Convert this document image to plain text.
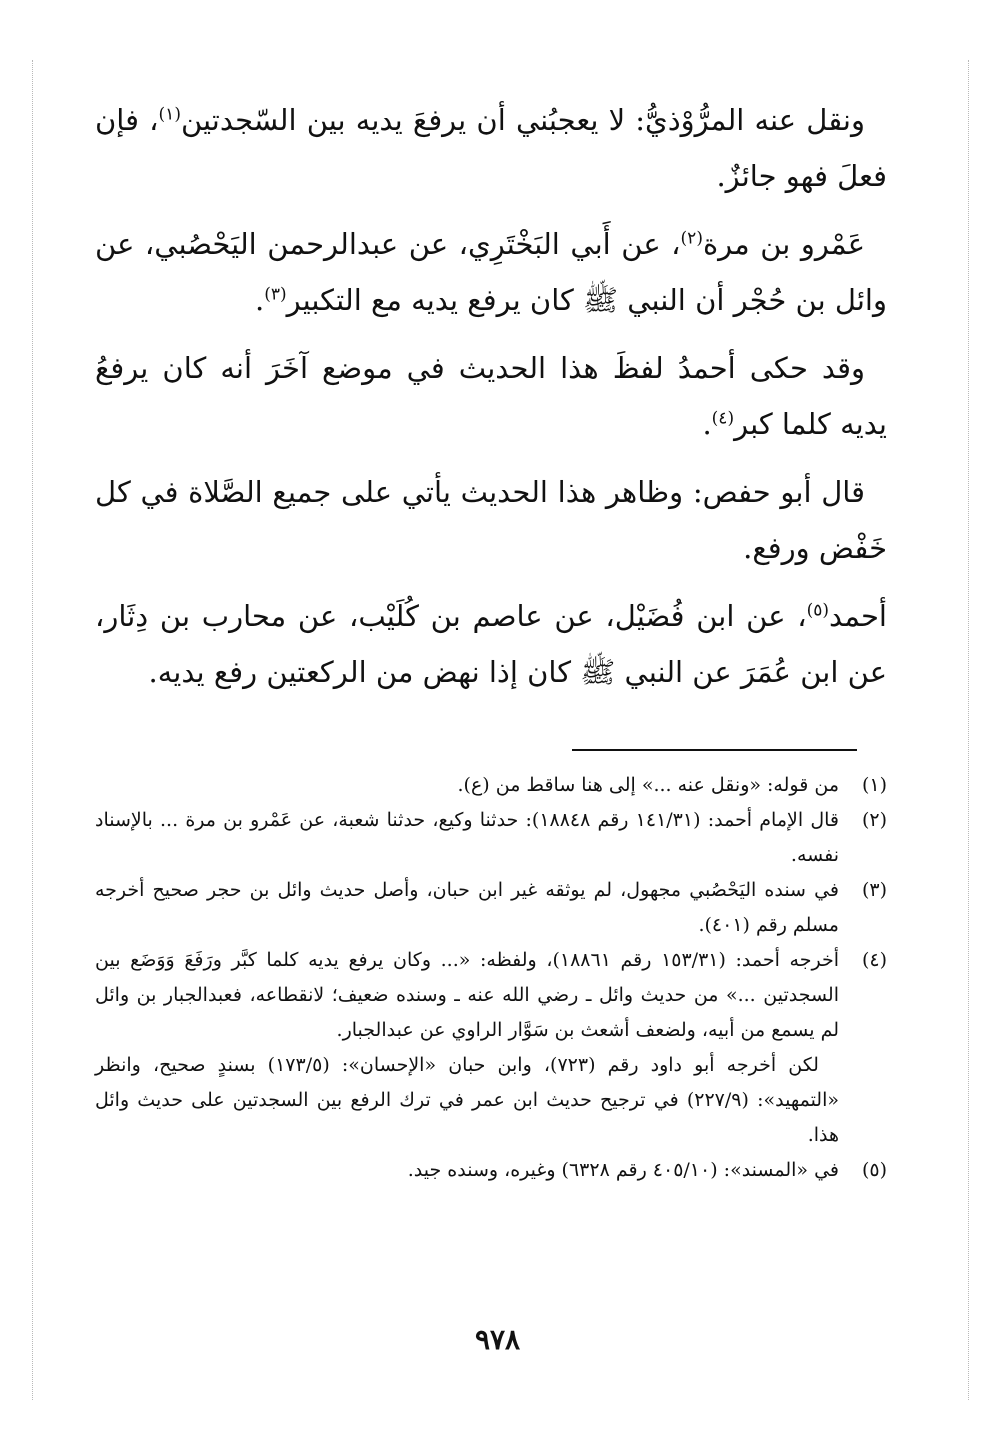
ونقل عنه المرُّوْذيُّ: لا يعجبُني أن يرفعَ يديه بين السّجدتين$^{(١)}$، فإن فعلَ فهو جائزٌ.

عَمْرو بن مرة$^{(٢)}$، عن أَبي البَخْتَرِي، عن عبدالرحمن اليَحْصُبي، عن وائل بن حُجْر أن النبي ﷺ كان يرفع يديه مع التكبير$^{(٣)}$.

وقد حكى أحمدُ لفظَ هذا الحديث في موضع آخَرَ أنه كان يرفعُ يديه كلما كبر$^{(٤)}$.

قال أبو حفص: وظاهر هذا الحديث يأتي على جميع الصَّلاة في كل خَفْض ورفع.

أحمد$^{(٥)}$، عن ابن فُضَيْل، عن عاصم بن كُلَيْب، عن محارب بن دِثَار، عن ابن عُمَرَ عن النبي ﷺ كان إذا نهض من الركعتين رفع يديه.

(١)
من قوله: «ونقل عنه ...» إلى هنا ساقط من (ع).

(٢)
قال الإمام أحمد: (١٤١/٣١ رقم ١٨٨٤٨): حدثنا وكيع، حدثنا شعبة، عن عَمْرو بن مرة ... بالإسناد نفسه.

(٣)
في سنده اليَحْصُبي مجهول، لم يوثقه غير ابن حبان، وأصل حديث وائل بن حجر صحيح أخرجه مسلم رقم (٤٠١).

(٤)
أخرجه أحمد: (١٥٣/٣١ رقم ١٨٨٦١)، ولفظه: «... وكان يرفع يديه كلما كبَّر ورَفَعَ وَوَضَع بين السجدتين ...» من حديث وائل ـ رضي الله عنه ـ وسنده ضعيف؛ لانقطاعه، فعبدالجبار بن وائل لم يسمع من أبيه، ولضعف أشعث بن سَوَّار الراوي عن عبدالجبار.

لكن أخرجه أبو داود رقم (٧٢٣)، وابن حبان «الإحسان»: (١٧٣/٥) بسندٍ صحيح، وانظر «التمهيد»: (٢٢٧/٩) في ترجيح حديث ابن عمر في ترك الرفع بين السجدتين على حديث وائل هذا.

(٥)
في «المسند»: (٤٠٥/١٠ رقم ٦٣٢٨) وغيره، وسنده جيد.

٩٧٨
